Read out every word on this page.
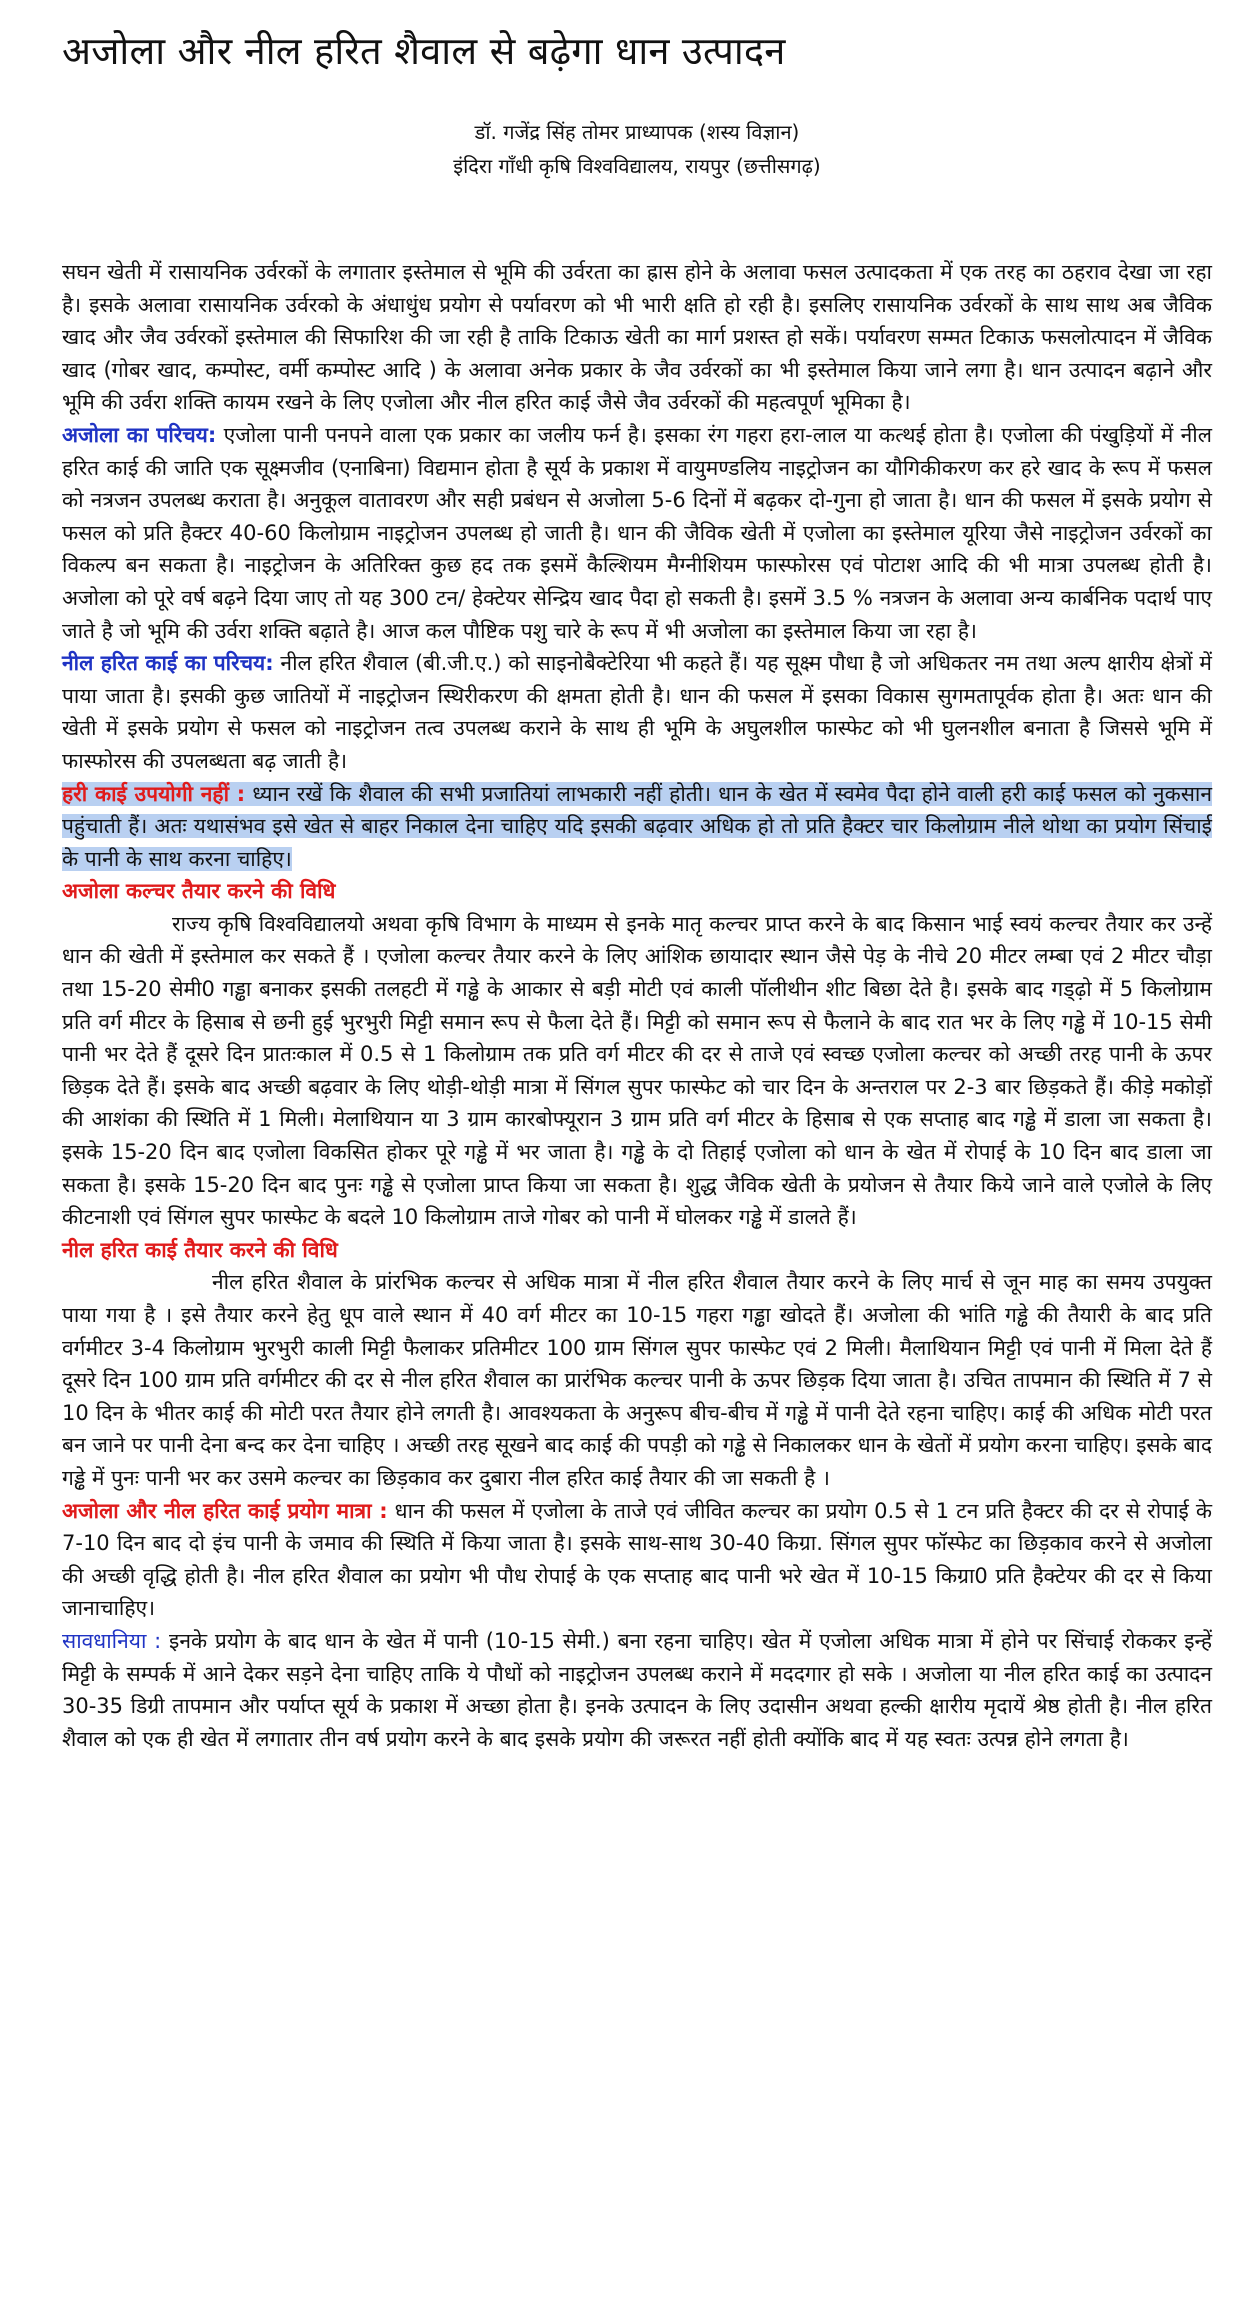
अजोला और नील हरित शैवाल से बढ़ेगा धान उत्पादन
डॉ. गजेंद्र सिंह तोमर प्राध्यापक (शस्य विज्ञान)
इंदिरा गाँधी कृषि विश्वविद्यालय, रायपुर (छत्तीसगढ़)

सघन खेती में रासायनिक उर्वरकों के लगातार इस्तेमाल से भूमि की उर्वरता का ह्रास होने के अलावा फसल उत्पादकता में एक तरह का ठहराव देखा जा रहा है। इसके अलावा रासायनिक उर्वरको के अंधाधुंध प्रयोग से पर्यावरण को भी भारी क्षति हो रही है। इसलिए रासायनिक उर्वरकों के साथ साथ अब जैविक खाद और जैव उर्वरकों इस्तेमाल की सिफारिश की जा रही है ताकि टिकाऊ खेती का मार्ग प्रशस्त हो सकें। पर्यावरण सम्मत टिकाऊ फसलोत्पादन में जैविक खाद (गोबर खाद, कम्पोस्ट, वर्मी कम्पोस्ट आदि ) के अलावा अनेक प्रकार के जैव उर्वरकों का भी इस्तेमाल किया जाने लगा है। धान उत्पादन बढ़ाने और भूमि की उर्वरा शक्ति कायम रखने के लिए एजोला और नील हरित काई जैसे जैव उर्वरकों की महत्वपूर्ण भूमिका है।

अजोला का परिचय: एजोला पानी पनपने वाला एक प्रकार का जलीय फर्न है। इसका रंग गहरा हरा-लाल या कत्थई होता है। एजोला की पंखुड़ियों में नील हरित काई की जाति एक सूक्ष्मजीव (एनाबिना) विद्यमान होता है सूर्य के प्रकाश में वायुमण्डलिय नाइट्रोजन का यौगिकीकरण कर हरे खाद के रूप में फसल को नत्रजन उपलब्ध कराता है। अनुकूल वातावरण और सही प्रबंधन से अजोला 5-6 दिनों में बढ़कर दो-गुना हो जाता है। धान की फसल में इसके प्रयोग से फसल को प्रति हैक्टर 40-60 किलोग्राम नाइट्रोजन उपलब्ध हो जाती है। धान की जैविक खेती में एजोला का इस्तेमाल यूरिया जैसे नाइट्रोजन उर्वरकों का विकल्प बन सकता है। नाइट्रोजन के अतिरिक्त कुछ हद तक इसमें कैल्शियम मैग्नीशियम फास्फोरस एवं पोटाश आदि की भी मात्रा उपलब्ध होती है। अजोला को पूरे वर्ष बढ़ने दिया जाए तो यह 300 टन/ हेक्टेयर सेन्द्रिय खाद पैदा हो सकती है। इसमें 3.5 % नत्रजन के अलावा अन्य कार्बनिक पदार्थ पाए जाते है जो भूमि की उर्वरा शक्ति बढ़ाते है। आज कल पौष्टिक पशु चारे के रूप में भी अजोला का इस्तेमाल किया जा रहा है।

नील हरित काई का परिचय: नील हरित शैवाल (बी.जी.ए.) को साइनोबैक्टेरिया भी कहते हैं। यह सूक्ष्म पौधा है जो अधिकतर नम तथा अल्प क्षारीय क्षेत्रों में पाया जाता है। इसकी कुछ जातियों में नाइट्रोजन स्थिरीकरण की क्षमता होती है। धान की फसल में इसका विकास सुगमतापूर्वक होता है। अतः धान की खेती में इसके प्रयोग से फसल को नाइट्रोजन तत्व उपलब्ध कराने के साथ ही भूमि के अघुलशील फास्फेट को भी घुलनशील बनाता है जिससे भूमि में फास्फोरस की उपलब्धता बढ़ जाती है।

हरी काई उपयोगी नहीं : ध्यान रखें कि शैवाल की सभी प्रजातियां लाभकारी नहीं होती। धान के खेत में स्वमेव पैदा होने वाली हरी काई फसल को नुकसान पहुंचाती हैं। अतः यथासंभव इसे खेत से बाहर निकाल देना चाहिए यदि इसकी बढ़वार अधिक हो तो प्रति हैक्टर चार किलोग्राम नीले थोथा का प्रयोग सिंचाई के पानी के साथ करना चाहिए।

अजोला कल्चर तैयार करने की विधि

राज्य कृषि विश्वविद्यालयो अथवा कृषि विभाग के माध्यम से इनके मातृ कल्चर प्राप्त करने के बाद किसान भाई स्वयं कल्चर तैयार कर उन्हें धान की खेती में इस्तेमाल कर सकते हैं । एजोला कल्चर तैयार करने के लिए आंशिक छायादार स्थान जैसे पेड़ के नीचे 20 मीटर लम्बा एवं 2 मीटर चौड़ा तथा 15-20 सेमी0 गड्ढा बनाकर इसकी तलहटी में गड्ढे के आकार से बड़ी मोटी एवं काली पॉलीथीन शीट बिछा देते है। इसके बाद गड्ढ़ो में 5 किलोग्राम प्रति वर्ग मीटर के हिसाब से छनी हुई भुरभुरी मिट्टी समान रूप से फैला देते हैं। मिट्टी को समान रूप से फैलाने के बाद रात भर के लिए गड्ढे में 10-15 सेमी पानी भर देते हैं दूसरे दिन प्रातःकाल में 0.5 से 1 किलोग्राम तक प्रति वर्ग मीटर की दर से ताजे एवं स्वच्छ एजोला कल्चर को अच्छी तरह पानी के ऊपर छिड़क देते हैं। इसके बाद अच्छी बढ़वार के लिए थोड़ी-थोड़ी मात्रा में सिंगल सुपर फास्फेट को चार दिन के अन्तराल पर 2-3 बार छिड़कते हैं। कीड़े मकोड़ों की आशंका की स्थिति में 1 मिली। मेलाथियान या 3 ग्राम कारबोफ्यूरान 3 ग्राम प्रति वर्ग मीटर के हिसाब से एक सप्ताह बाद गड्ढे में डाला जा सकता है। इसके 15-20 दिन बाद एजोला विकसित होकर पूरे गड्ढे में भर जाता है। गड्ढे के दो तिहाई एजोला को धान के खेत में रोपाई के 10 दिन बाद डाला जा सकता है। इसके 15-20 दिन बाद पुनः गड्ढे से एजोला प्राप्त किया जा सकता है। शुद्ध जैविक खेती के प्रयोजन से तैयार किये जाने वाले एजोले के लिए कीटनाशी एवं सिंगल सुपर फास्फेट के बदले 10 किलोग्राम ताजे गोबर को पानी में घोलकर गड्ढे में डालते हैं।

नील हरित काई तैयार करने की विधि

नील हरित शैवाल के प्रांरभिक कल्चर से अधिक मात्रा में नील हरित शैवाल तैयार करने के लिए मार्च से जून माह का समय उपयुक्त पाया गया है । इसे तैयार करने हेतु धूप वाले स्थान में 40 वर्ग मीटर का 10-15 गहरा गड्ढा खोदते हैं। अजोला की भांति गड्ढे की तैयारी के बाद प्रति वर्गमीटर 3-4 किलोग्राम भुरभुरी काली मिट्टी फैलाकर प्रतिमीटर 100 ग्राम सिंगल सुपर फास्फेट एवं 2 मिली। मैलाथियान मिट्टी एवं पानी में मिला देते हैं दूसरे दिन 100 ग्राम प्रति वर्गमीटर की दर से नील हरित शैवाल का प्रारंभिक कल्चर पानी के ऊपर छिड़क दिया जाता है। उचित तापमान की स्थिति में 7 से 10 दिन के भीतर काई की मोटी परत तैयार होने लगती है। आवश्यकता के अनुरूप बीच-बीच में गड्ढे में पानी देते रहना चाहिए। काई की अधिक मोटी परत बन जाने पर पानी देना बन्द कर देना चाहिए । अच्छी तरह सूखने बाद काई की पपड़ी को गड्ढे से निकालकर धान के खेतों में प्रयोग करना चाहिए। इसके बाद गड्ढे में पुनः पानी भर कर उसमे कल्चर का छिड़काव कर दुबारा नील हरित काई तैयार की जा सकती है ।

अजोला और नील हरित काई प्रयोग मात्रा : धान की फसल में एजोला के ताजे एवं जीवित कल्चर का प्रयोग 0.5 से 1 टन प्रति हैक्टर की दर से रोपाई के 7-10 दिन बाद दो इंच पानी के जमाव की स्थिति में किया जाता है। इसके साथ-साथ 30-40 किग्रा. सिंगल सुपर फॉस्फेट का छिड़काव करने से अजोला की अच्छी वृद्धि होती है। नील हरित शैवाल का प्रयोग भी पौध रोपाई के एक सप्ताह बाद पानी भरे खेत में 10-15 किग्रा0 प्रति हैक्टेयर की दर से किया जानाचाहिए।

सावधानिया : इनके प्रयोग के बाद धान के खेत में पानी (10-15 सेमी.) बना रहना चाहिए। खेत में एजोला अधिक मात्रा में होने पर सिंचाई रोककर इन्हें मिट्टी के सम्पर्क में आने देकर सड़ने देना चाहिए ताकि ये पौधों को नाइट्रोजन उपलब्ध कराने में मददगार हो सके । अजोला या नील हरित काई का उत्पादन 30-35 डिग्री तापमान और पर्याप्त सूर्य के प्रकाश में अच्छा होता है। इनके उत्पादन के लिए उदासीन अथवा हल्की क्षारीय मृदायें श्रेष्ठ होती है। नील हरित शैवाल को एक ही खेत में लगातार तीन वर्ष प्रयोग करने के बाद इसके प्रयोग की जरूरत नहीं होती क्योंकि बाद में यह स्वतः उत्पन्न होने लगता है।
